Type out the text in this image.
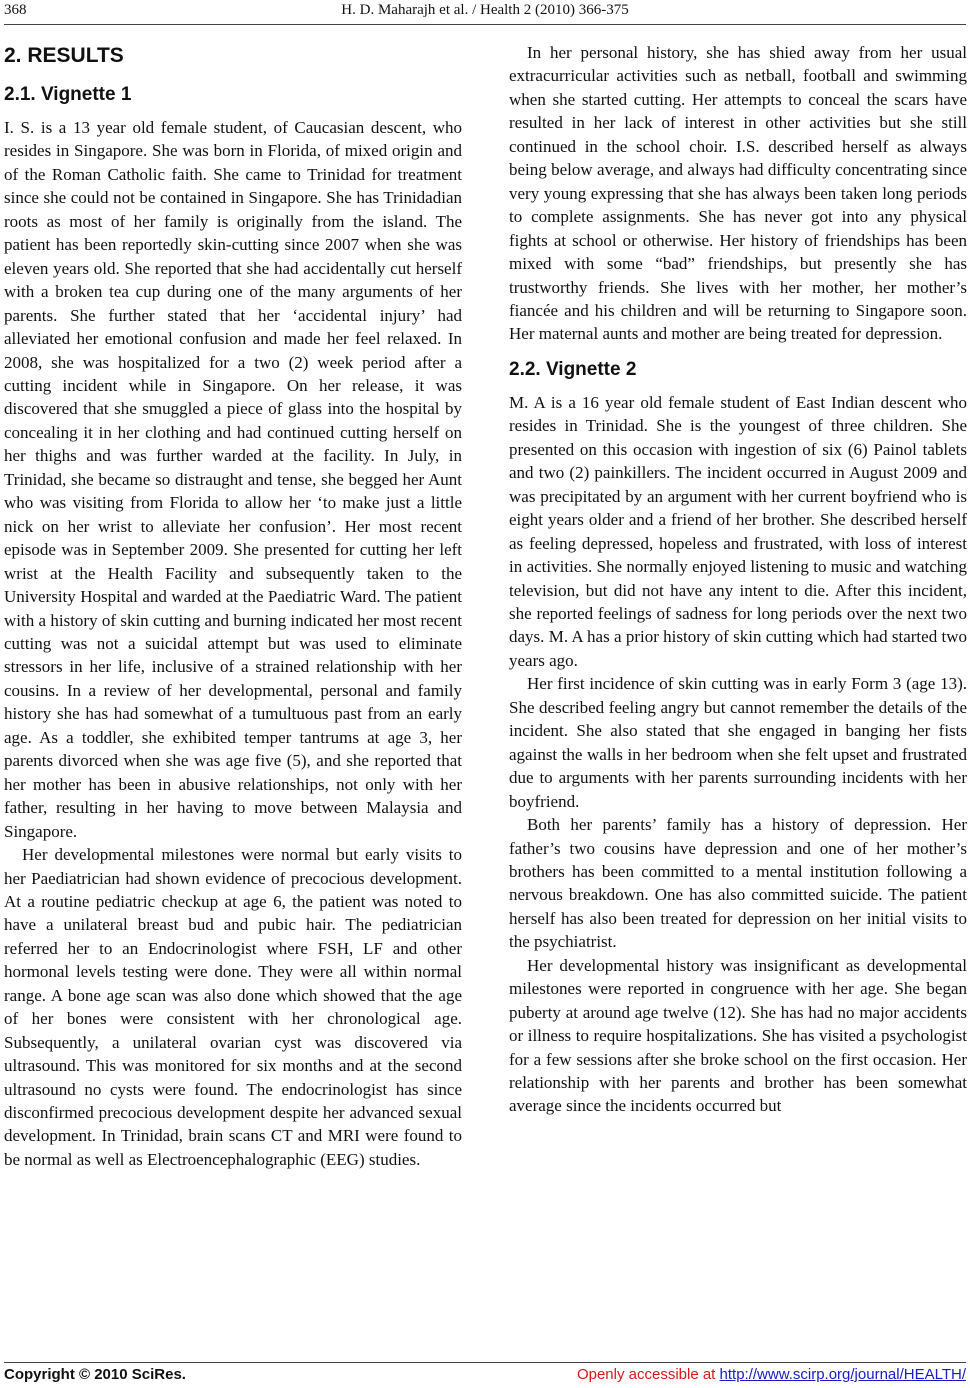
368	H. D. Maharajh et al. / Health 2 (2010) 366-375
2. RESULTS
2.1. Vignette 1

I. S. is a 13 year old female student, of Caucasian descent, who resides in Singapore. She was born in Florida, of mixed origin and of the Roman Catholic faith. She came to Trinidad for treatment since she could not be contained in Singapore. She has Trinidadian roots as most of her family is originally from the island. The patient has been reportedly skin-cutting since 2007 when she was eleven years old. She reported that she had accidentally cut herself with a broken tea cup during one of the many arguments of her parents. She further stated that her ‘accidental injury’ had alleviated her emotional confusion and made her feel relaxed. In 2008, she was hospitalized for a two (2) week period after a cutting incident while in Singapore. On her release, it was discovered that she smuggled a piece of glass into the hospital by concealing it in her clothing and had continued cutting herself on her thighs and was further warded at the facility. In July, in Trinidad, she became so distraught and tense, she begged her Aunt who was visiting from Florida to allow her ‘to make just a little nick on her wrist to alleviate her confusion’. Her most recent episode was in September 2009. She presented for cutting her left wrist at the Health Facility and subsequently taken to the University Hospital and warded at the Paediatric Ward. The patient with a history of skin cutting and burning indicated her most recent cutting was not a suicidal attempt but was used to eliminate stressors in her life, inclusive of a strained relationship with her cousins. In a review of her developmental, personal and family history she has had somewhat of a tumultuous past from an early age. As a toddler, she exhibited temper tantrums at age 3, her parents divorced when she was age five (5), and she reported that her mother has been in abusive relationships, not only with her father, resulting in her having to move between Malaysia and Singapore.

Her developmental milestones were normal but early visits to her Paediatrician had shown evidence of precocious development. At a routine pediatric checkup at age 6, the patient was noted to have a unilateral breast bud and pubic hair. The pediatrician referred her to an Endocrinologist where FSH, LF and other hormonal levels testing were done. They were all within normal range. A bone age scan was also done which showed that the age of her bones were consistent with her chronological age. Subsequently, a unilateral ovarian cyst was discovered via ultrasound. This was monitored for six months and at the second ultrasound no cysts were found. The endocrinologist has since disconfirmed precocious development despite her advanced sexual development. In Trinidad, brain scans CT and MRI were found to be normal as well as Electroencephalographic (EEG) studies.

In her personal history, she has shied away from her usual extracurricular activities such as netball, football and swimming when she started cutting. Her attempts to conceal the scars have resulted in her lack of interest in other activities but she still continued in the school choir. I.S. described herself as always being below average, and always had difficulty concentrating since very young expressing that she has always been taken long periods to complete assignments. She has never got into any physical fights at school or otherwise. Her history of friendships has been mixed with some “bad” friendships, but presently she has trustworthy friends. She lives with her mother, her mother’s fiancée and his children and will be returning to Singapore soon. Her maternal aunts and mother are being treated for depression.

2.2. Vignette 2

M. A is a 16 year old female student of East Indian descent who resides in Trinidad. She is the youngest of three children. She presented on this occasion with ingestion of six (6) Painol tablets and two (2) painkillers. The incident occurred in August 2009 and was precipitated by an argument with her current boyfriend who is eight years older and a friend of her brother. She described herself as feeling depressed, hopeless and frustrated, with loss of interest in activities. She normally enjoyed listening to music and watching television, but did not have any intent to die. After this incident, she reported feelings of sadness for long periods over the next two days. M. A has a prior history of skin cutting which had started two years ago.

Her first incidence of skin cutting was in early Form 3 (age 13). She described feeling angry but cannot remember the details of the incident. She also stated that she engaged in banging her fists against the walls in her bedroom when she felt upset and frustrated due to arguments with her parents surrounding incidents with her boyfriend.

Both her parents’ family has a history of depression. Her father’s two cousins have depression and one of her mother’s brothers has been committed to a mental institution following a nervous breakdown. One has also committed suicide. The patient herself has also been treated for depression on her initial visits to the psychiatrist.

Her developmental history was insignificant as developmental milestones were reported in congruence with her age. She began puberty at around age twelve (12). She has had no major accidents or illness to require hospitalizations. She has visited a psychologist for a few sessions after she broke school on the first occasion. Her relationship with her parents and brother has been somewhat average since the incidents occurred but

Copyright © 2010 SciRes.	Openly accessible at http://www.scirp.org/journal/HEALTH/
